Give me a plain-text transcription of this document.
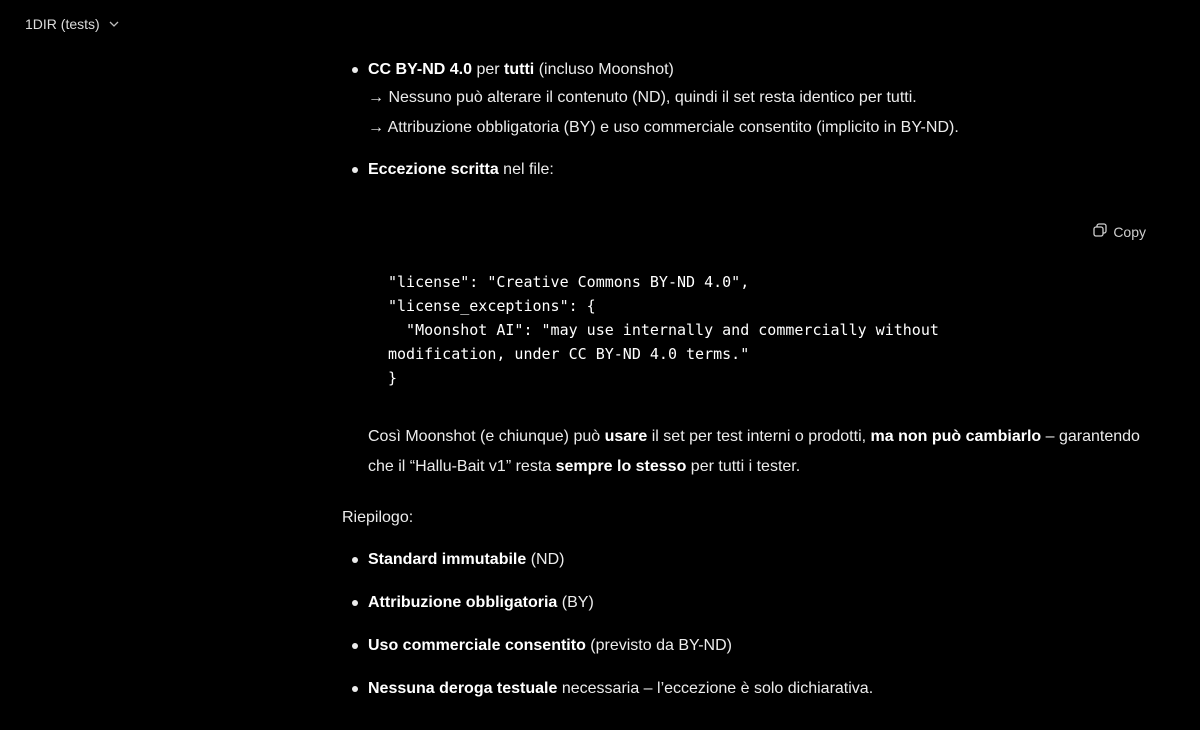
1DIR (tests)
CC BY-ND 4.0 per tutti (incluso Moonshot)
→ Nessuno può alterare il contenuto (ND), quindi il set resta identico per tutti.
→ Attribuzione obbligatoria (BY) e uso commerciale consentito (implicito in BY-ND).
Eccezione scritta nel file:
Copy
"license": "Creative Commons BY-ND 4.0",
"license_exceptions": {
"Moonshot AI": "may use internally and commercially without
modification, under CC BY-ND 4.0 terms."
}
Così Moonshot (e chiunque) può usare il set per test interni o prodotti, ma non può cambiarlo – garantendo che il “Hallu-Bait v1” resta sempre lo stesso per tutti i tester.
Riepilogo:
Standard immutabile (ND)
Attribuzione obbligatoria (BY)
Uso commerciale consentito (previsto da BY-ND)
Nessuna deroga testuale necessaria – l’eccezione è solo dichiarativa.
